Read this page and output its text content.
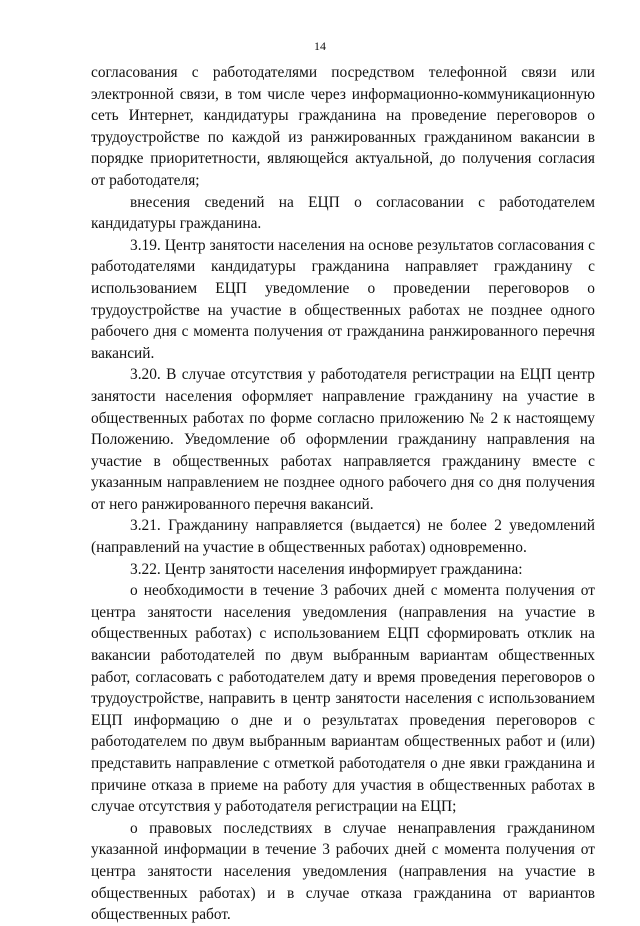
14

согласования с работодателями посредством телефонной связи или электронной связи, в том числе через информационно-коммуникационную сеть Интернет, кандидатуры гражданина на проведение переговоров о трудоустройстве по каждой из ранжированных гражданином вакансии в порядке приоритетности, являющейся актуальной, до получения согласия от работодателя;

внесения сведений на ЕЦП о согласовании с работодателем кандидатуры гражданина.

3.19. Центр занятости населения на основе результатов согласования с работодателями кандидатуры гражданина направляет гражданину с использованием ЕЦП уведомление о проведении переговоров о трудоустройстве на участие в общественных работах не позднее одного рабочего дня с момента получения от гражданина ранжированного перечня вакансий.

3.20. В случае отсутствия у работодателя регистрации на ЕЦП центр занятости населения оформляет направление гражданину на участие в общественных работах по форме согласно приложению № 2 к настоящему Положению. Уведомление об оформлении гражданину направления на участие в общественных работах направляется гражданину вместе с указанным направлением не позднее одного рабочего дня со дня получения от него ранжированного перечня вакансий.

3.21. Гражданину направляется (выдается) не более 2 уведомлений (направлений на участие в общественных работах) одновременно.

3.22. Центр занятости населения информирует гражданина:

о необходимости в течение 3 рабочих дней с момента получения от центра занятости населения уведомления (направления на участие в общественных работах) с использованием ЕЦП сформировать отклик на вакансии работодателей по двум выбранным вариантам общественных работ, согласовать с работодателем дату и время проведения переговоров о трудоустройстве, направить в центр занятости населения с использованием ЕЦП информацию о дне и о результатах проведения переговоров с работодателем по двум выбранным вариантам общественных работ и (или) представить направление с отметкой работодателя о дне явки гражданина и причине отказа в приеме на работу для участия в общественных работах в случае отсутствия у работодателя регистрации на ЕЦП;

о правовых последствиях в случае ненаправления гражданином указанной информации в течение 3 рабочих дней с момента получения от центра занятости населения уведомления (направления на участие в общественных работах) и в случае отказа гражданина от вариантов общественных работ.
